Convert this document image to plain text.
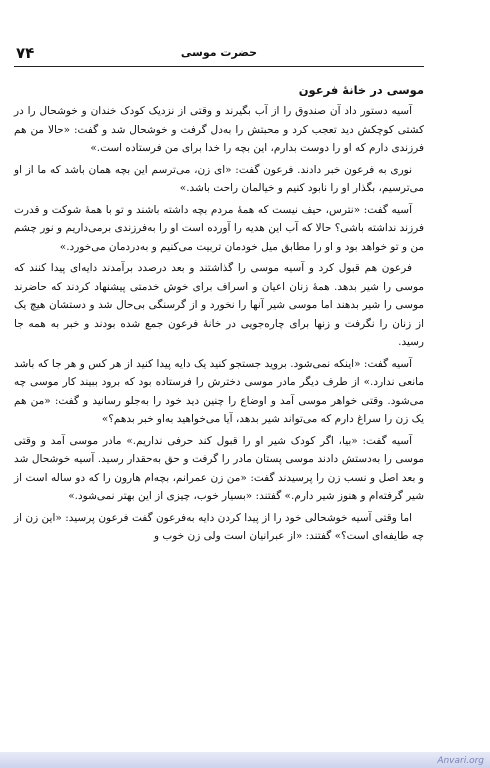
۷۴	حضرت موسی
موسی در خانهٔ فرعون

آسیه دستور داد آن صندوق را از آب بگیرند و وقتی از نزدیک کودک خندان و خوشحال را در کشتی کوچکش دید تعجب کرد و محبتش را به‌دل گرفت و خوشحال شد و گفت: «حالا من هم فرزندی دارم که او را دوست بدارم، این بچه را خدا برای من فرستاده است.»

نوری به فرعون خبر دادند. فرعون گفت: «ای زن، می‌ترسم این بچه همان باشد که ما از او می‌ترسیم، بگذار او را نابود کنیم و خیالمان راحت باشد.»

آسیه گفت: «نترس، حیف نیست که همهٔ مردم بچه داشته باشند و تو با همهٔ شوکت و قدرت فرزند نداشته باشی؟ حالا که آب این هدیه را آورده است او را به‌فرزندی برمی‌داریم و نور چشم من و تو خواهد بود و او را مطابق میل خودمان تربیت می‌کنیم و به‌دردمان می‌خورد.»

فرعون هم قبول کرد و آسیه موسی را گذاشتند و بعد درصدد برآمدند دایه‌ای پیدا کنند که موسی را شیر بدهد. همهٔ زنان اعیان و اسراف برای خوش خدمتی پیشنهاد کردند که حاضرند موسی را شیر بدهند اما موسی شیر آنها را نخورد و از گرسنگی بی‌حال شد و دستشان هیچ یک از زنان را نگرفت و زنها برای چاره‌جویی در خانهٔ فرعون جمع شده بودند و خبر به همه جا رسید.

آسیه گفت: «اینکه نمی‌شود. بروید جستجو کنید یک دایه پیدا کنید از هر کس و هر جا که باشد مانعی ندارد.» از طرف دیگر مادر موسی دخترش را فرستاده بود که برود ببیند کار موسی چه می‌شود. وقتی خواهر موسی آمد و اوضاع را چنین دید خود را به‌جلو رسانید و گفت: «من هم یک زن را سراغ دارم که می‌تواند شیر بدهد، آیا می‌خواهید به‌او خبر بدهم؟»

آسیه گفت: «بیا، اگر کودک شیر او را قبول کند حرفی نداریم.» مادر موسی آمد و وقتی موسی را به‌دستش دادند موسی پستان مادر را گرفت و حق به‌حقدار رسید. آسیه خوشحال شد و بعد اصل و نسب زن را پرسیدند گفت: «من زن عمرانم، بچه‌ام هارون را که دو ساله است از شیر گرفته‌ام و هنوز شیر دارم.» گفتند: «بسیار خوب، چیزی از این بهتر نمی‌شود.»

اما وقتی آسیه خوشحالی خود را از پیدا کردن دایه به‌فرعون گفت فرعون پرسید: «این زن از چه طایفه‌ای است؟» گفتند: «از عبرانیان است ولی زن خوب و

Anvari.org
